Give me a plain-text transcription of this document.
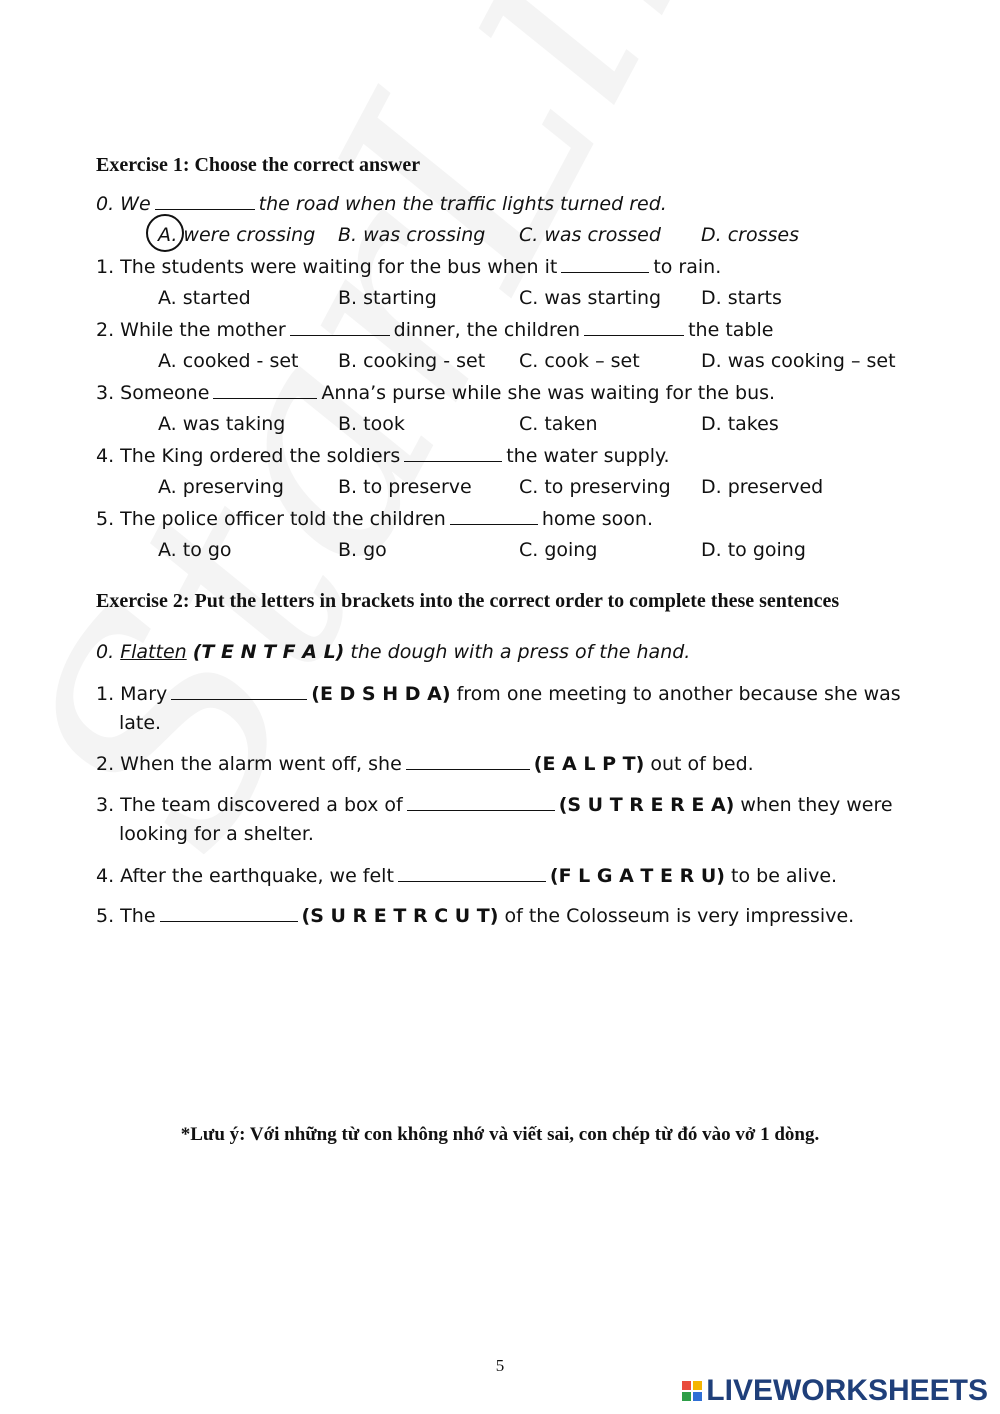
Exercise 1: Choose the correct answer
0. We	the road when the traffic lights turned red.
A. were crossing B. was crossing C. was crossed D. crosses
1. The students were waiting for the bus when it	to rain.
A. started	B. starting	C. was starting D. starts
2. While the mother	dinner, the children	the table
A. cooked - set B. cooking - set C. cook – set	D. was cooking – set
3. Someone	Anna’s purse while she was waiting for the bus.
A. was taking	B. took	C. taken	D. takes
4. The King ordered the soldiers	the water supply.
A. preserving	B. to preserve C. to preserving D. preserved
5. The police officer told the children	home soon.
A. to go	B. go	C. going	D. to going
Exercise 2: Put the letters in brackets into the correct order to complete these sentences
0. Flatten (T E N T F A L) the dough with a press of the hand.
1. Mary	(E D S H D A) from one meeting to another because she was
late.
2. When the alarm went off, she	(E A L P T) out of bed.
3. The team discovered a box of	(S U T R E R E A) when they were
looking for a shelter.
4. After the earthquake, we felt	(F L G A T E R U) to be alive.
5. The	(S U R E T R C U T) of the Colosseum is very impressive.
*Lưu ý: Với những từ con không nhớ và viết sai, con chép từ đó vào vở 1 dòng.
5
LIVEWORKSHEETS
